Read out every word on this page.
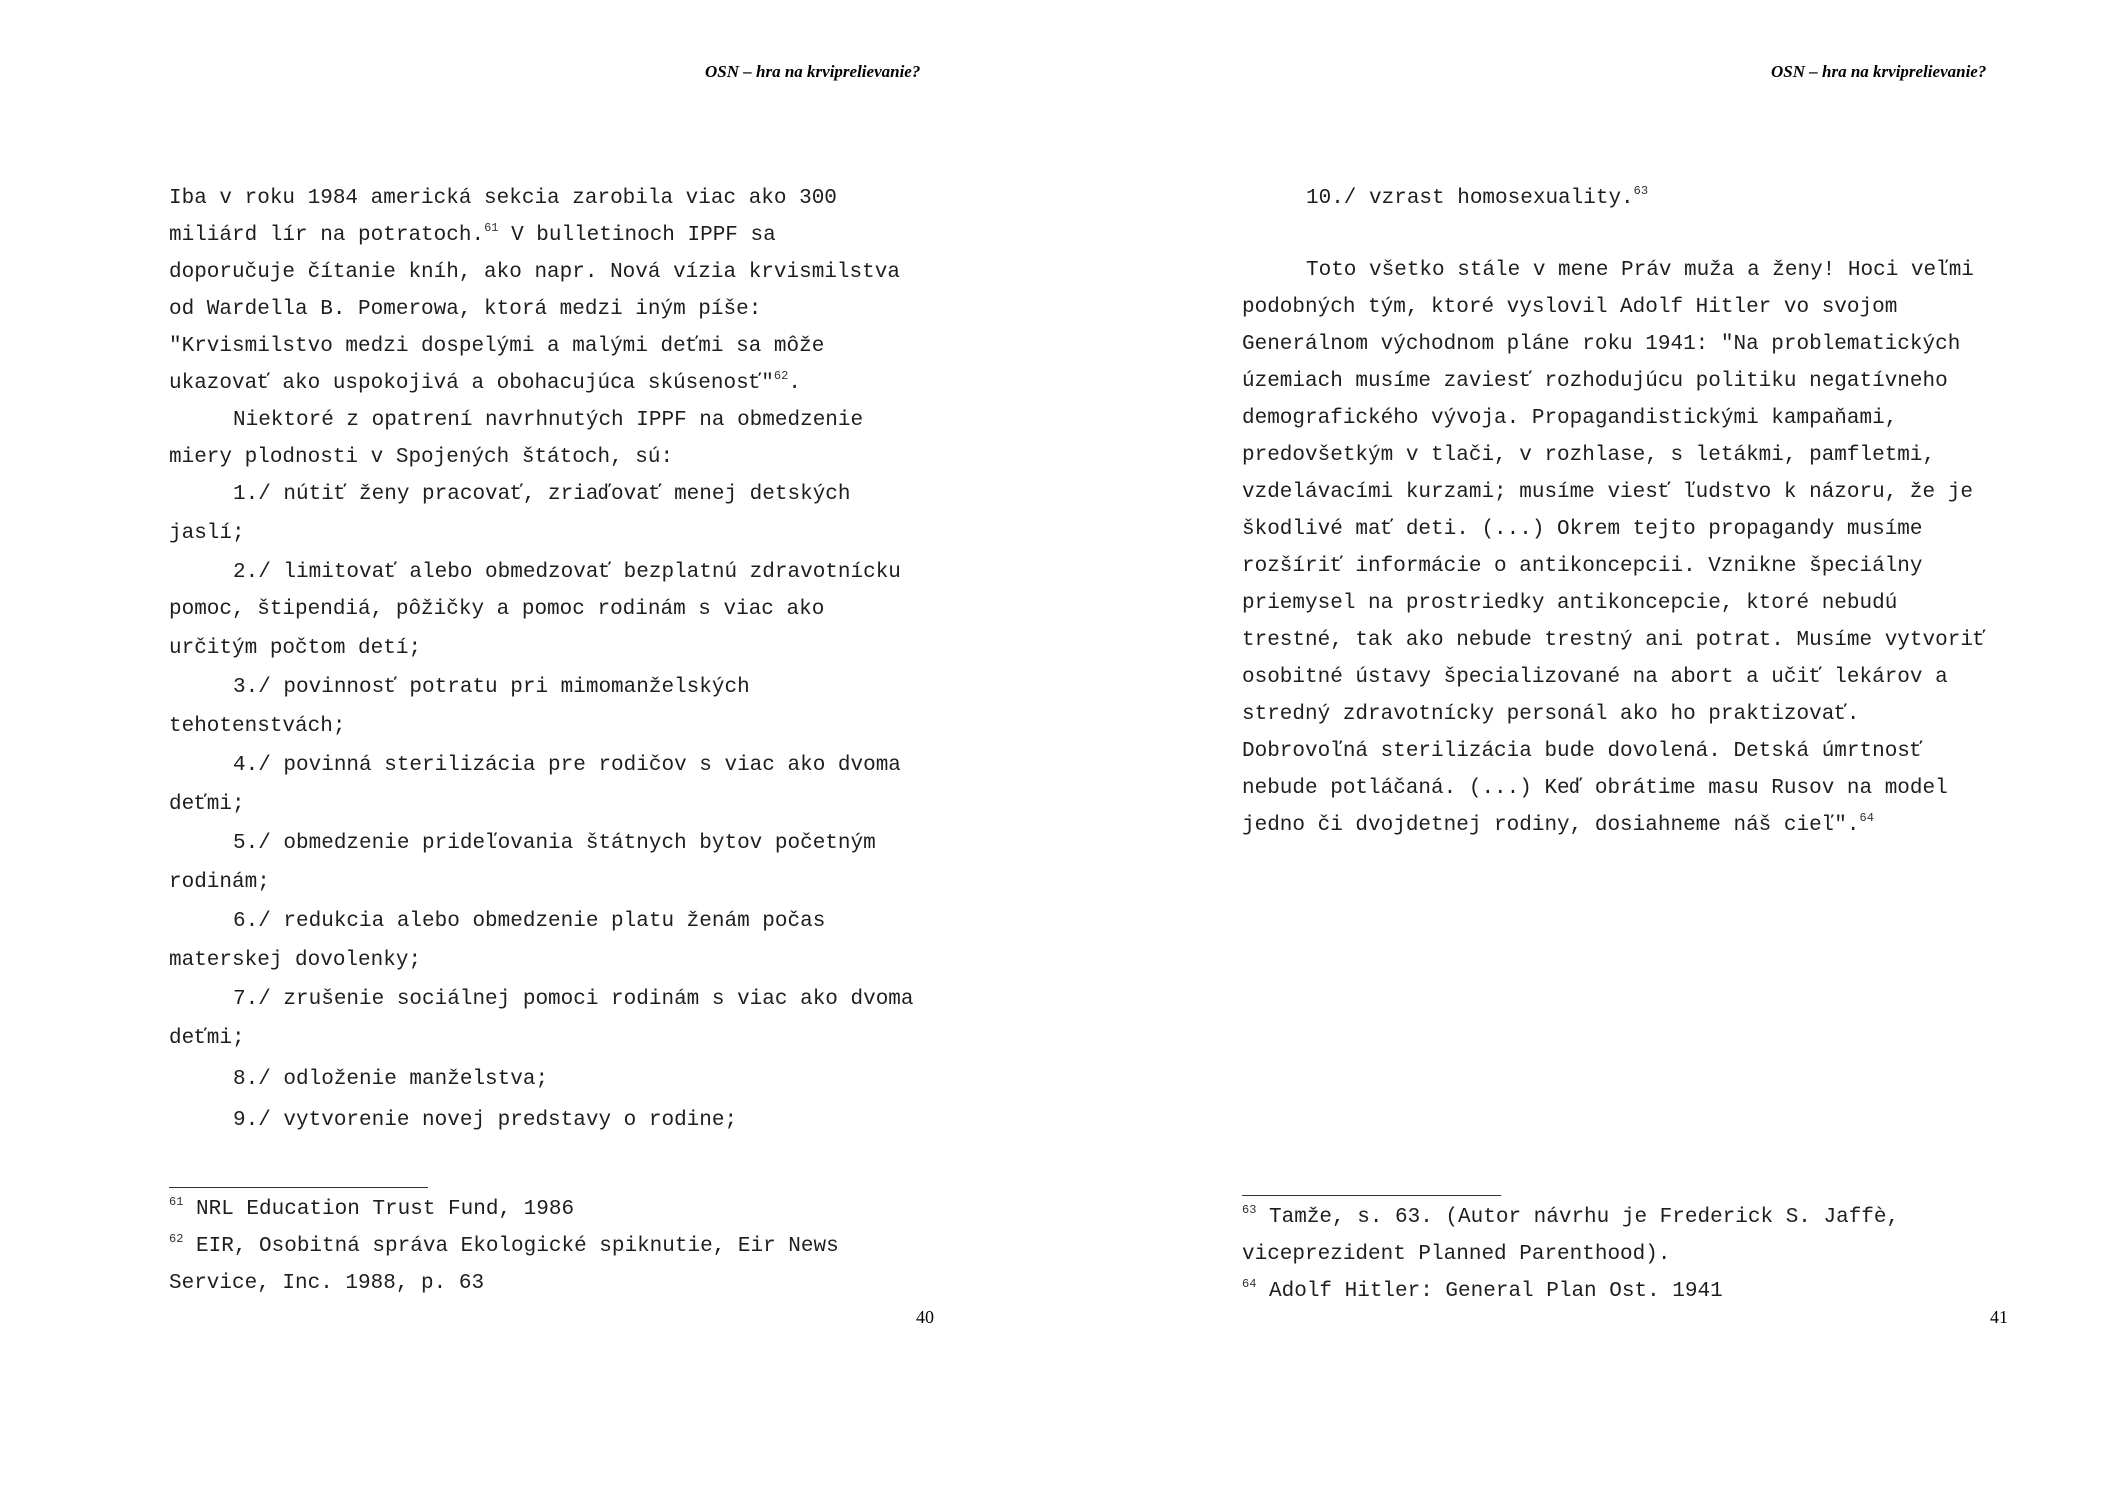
OSN – hra na krviprelievanie?
Iba v roku 1984 americká sekcia zarobila viac ako 300
miliárd lír na potratoch.$^{61}$ V bulletinoch IPPF sa
doporučuje čítanie kníh, ako napr. Nová vízia krvismilstva
od Wardella B. Pomerowa, ktorá medzi iným píše:
"Krvismilstvo medzi dospelými a malými deťmi sa môže
ukazovať ako uspokojivá a obohacujúca skúsenosť"$^{62}$.
Niektoré z opatrení navrhnutých IPPF na obmedzenie
miery plodnosti v Spojených štátoch, sú:
1./ nútiť ženy pracovať, zriaďovať menej detských
jaslí;
2./ limitovať alebo obmedzovať bezplatnú zdravotnícku
pomoc, štipendiá, pôžičky a pomoc rodinám s viac ako
určitým počtom detí;
3./ povinnosť potratu pri mimomanželských
tehotenstvách;
4./ povinná sterilizácia pre rodičov s viac ako dvoma
deťmi;
5./ obmedzenie prideľovania štátnych bytov početným
rodinám;
6./ redukcia alebo obmedzenie platu ženám počas
materskej dovolenky;
7./ zrušenie sociálnej pomoci rodinám s viac ako dvoma
deťmi;
8./ odloženie manželstva;
9./ vytvorenie novej predstavy o rodine;
$^{61}$ NRL Education Trust Fund, 1986
$^{62}$ EIR, Osobitná správa Ekologické spiknutie, Eir News
Service, Inc. 1988, p. 63
40
OSN – hra na krviprelievanie?
10./ vzrast homosexuality.$^{63}$
Toto všetko stále v mene Práv muža a ženy! Hoci veľmi
podobných tým, ktoré vyslovil Adolf Hitler vo svojom
Generálnom východnom pláne roku 1941: "Na problematických
územiach musíme zaviesť rozhodujúcu politiku negatívneho
demografického vývoja. Propagandistickými kampaňami,
predovšetkým v tlači, v rozhlase, s letákmi, pamfletmi,
vzdelávacími kurzami; musíme viesť ľudstvo k názoru, že je
škodlivé mať deti. (...) Okrem tejto propagandy musíme
rozšíriť informácie o antikoncepcii. Vznikne špeciálny
priemysel na prostriedky antikoncepcie, ktoré nebudú
trestné, tak ako nebude trestný ani potrat. Musíme vytvoriť
osobitné ústavy špecializované na abort a učiť lekárov a
stredný zdravotnícky personál ako ho praktizovať.
Dobrovoľná sterilizácia bude dovolená. Detská úmrtnosť
nebude potláčaná. (...) Keď obrátime masu Rusov na model
jedno či dvojdetnej rodiny, dosiahneme náš cieľ".$^{64}$
$^{63}$ Tamže, s. 63. (Autor návrhu je Frederick S. Jaffè,
viceprezident Planned Parenthood).
$^{64}$ Adolf Hitler: General Plan Ost. 1941
41
